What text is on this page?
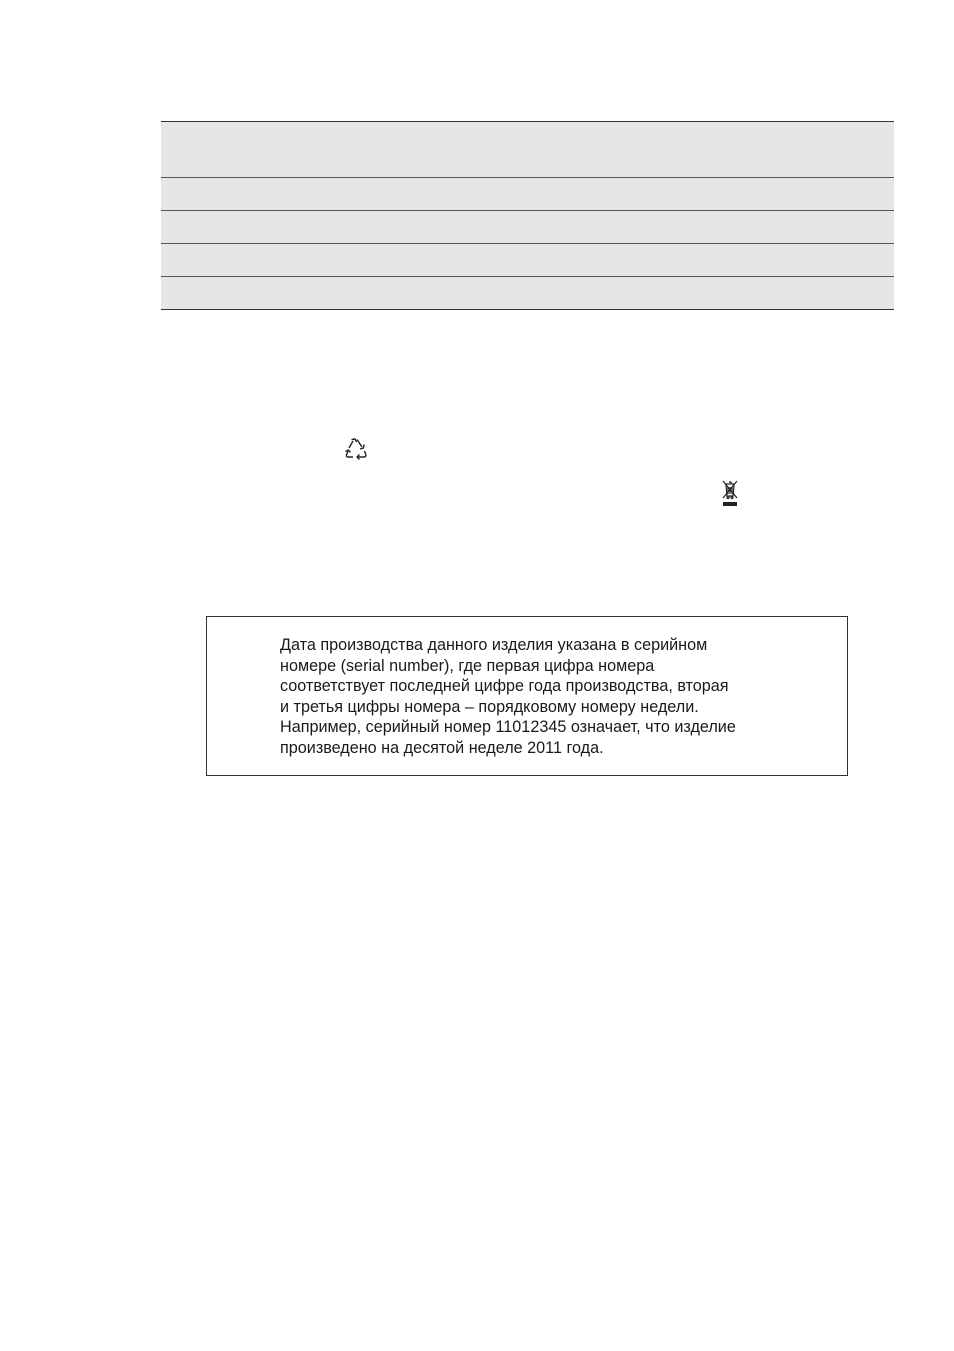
Дата производства данного изделия указана в серийном
номере (serial number), где первая цифра номера
соответствует последней цифре года производства, вторая
и третья цифры номера – порядковому номеру недели.
Например, серийный номер 11012345 означает, что изделие
произведено на десятой неделе 2011 года.
